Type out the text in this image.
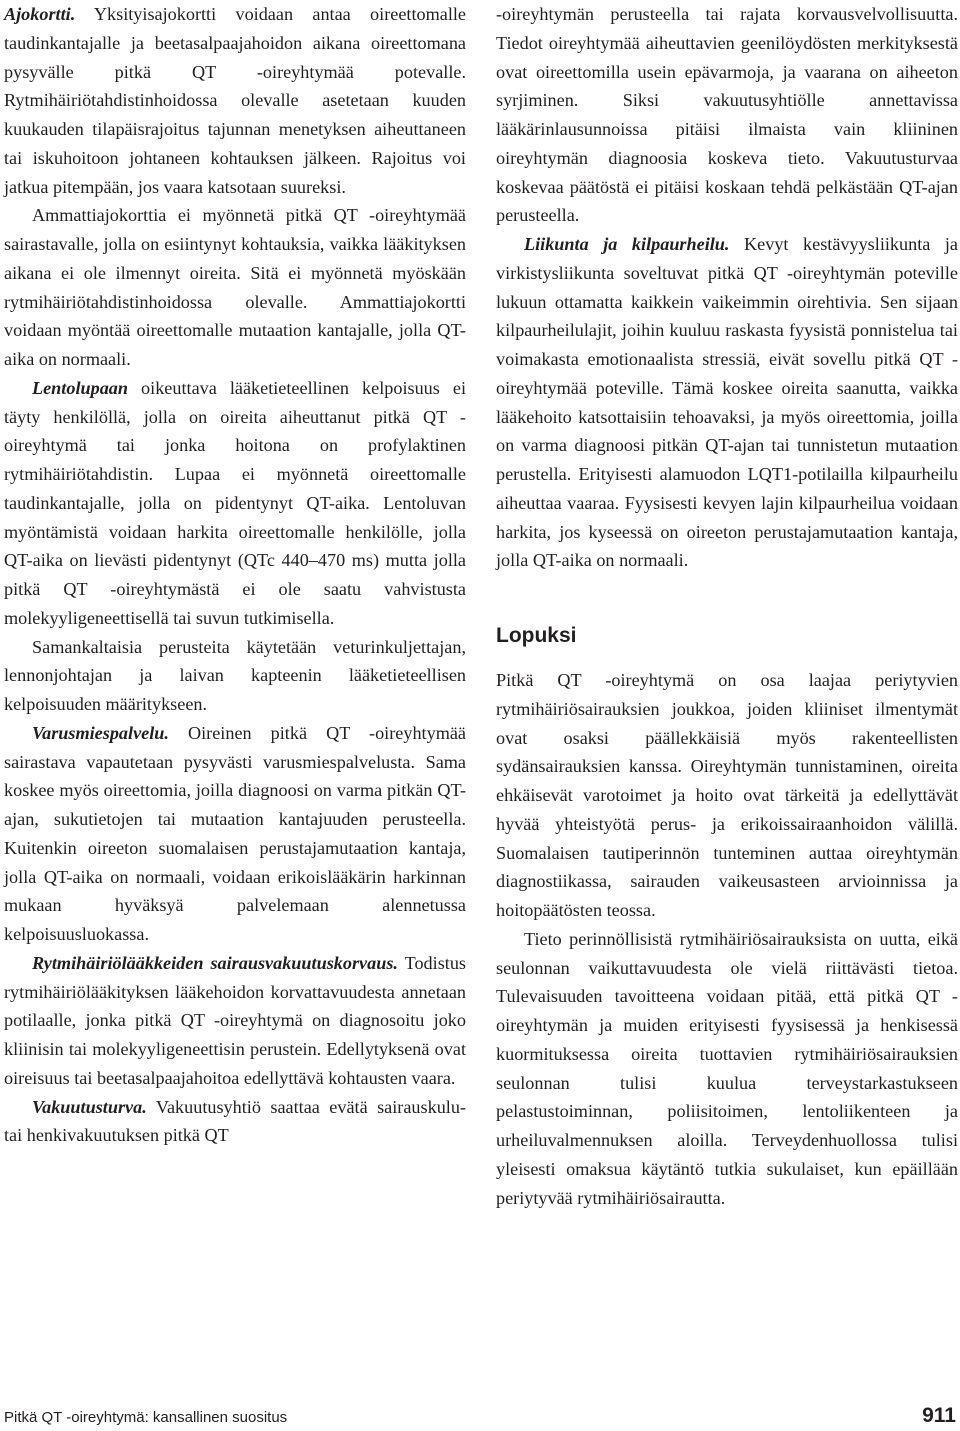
Ajokortti. Yksityisajokortti voidaan antaa oireettomalle taudinkantajalle ja beetasalpaajahoidon aikana oireettomana pysyvälle pitkä QT -oireyhtymää potevalle. Rytmihäiriötahdistinhoidossa olevalle asetetaan kuuden kuukauden tilapäisrajoitus tajunnan menetyksen aiheuttaneen tai iskuhoitoon johtaneen kohtauksen jälkeen. Rajoitus voi jatkua pitempään, jos vaara katsotaan suureksi.

Ammattiajokorttia ei myönnetä pitkä QT -oireyhtymää sairastavalle, jolla on esiintynyt kohtauksia, vaikka lääkityksen aikana ei ole ilmennyt oireita. Sitä ei myönnetä myöskään rytmihäiriötahdistinhoidossa olevalle. Ammattiajokortti voidaan myöntää oireettomalle mutaation kantajalle, jolla QT-aika on normaali.

Lentolupaan oikeuttava lääketieteellinen kelpoisuus ei täyty henkilöllä, jolla on oireita aiheuttanut pitkä QT -oireyhtymä tai jonka hoitona on profylaktinen rytmihäiriötahdistin. Lupaa ei myönnetä oireettomalle taudinkantajalle, jolla on pidentynyt QT-aika. Lentoluvan myöntämistä voidaan harkita oireettomalle henkilölle, jolla QT-aika on lievästi pidentynyt (QTc 440–470 ms) mutta jolla pitkä QT -oireyhtymästä ei ole saatu vahvistusta molekyyligeneettisellä tai suvun tutkimisella.

Samankaltaisia perusteita käytetään veturinkuljettajan, lennonjohtajan ja laivan kapteenin lääketieteellisen kelpoisuuden määritykseen.

Varusmiespalvelu. Oireinen pitkä QT -oireyhtymää sairastava vapautetaan pysyvästi varusmiespalvelusta. Sama koskee myös oireettomia, joilla diagnoosi on varma pitkän QT-ajan, sukutietojen tai mutaation kantajuuden perusteella. Kuitenkin oireeton suomalaisen perustajamutaation kantaja, jolla QT-aika on normaali, voidaan erikoislääkärin harkinnan mukaan hyväksyä palvelemaan alennetussa kelpoisuusluokassa.

Rytmihäiriölääkkeiden sairausvakuutuskorvaus. Todistus rytmihäiriölääkityksen lääkehoidon korvattavuudesta annetaan potilaalle, jonka pitkä QT -oireyhtymä on diagnosoitu joko kliinisin tai molekyyligeneettisin perustein. Edellytyksenä ovat oireisuus tai beetasalpaajahoitoa edellyttävä kohtausten vaara.

Vakuutusturva. Vakuutusyhtiö saattaa evätä sairauskulu- tai henkivakuutuksen pitkä QT

-oireyhtymän perusteella tai rajata korvausvelvollisuutta. Tiedot oireyhtymää aiheuttavien geenilöydösten merkityksestä ovat oireettomilla usein epävarmoja, ja vaarana on aiheeton syrjiminen. Siksi vakuutusyhtiölle annettavissa lääkärinlausunnoissa pitäisi ilmaista vain kliininen oireyhtymän diagnoosia koskeva tieto. Vakuutusturvaa koskevaa päätöstä ei pitäisi koskaan tehdä pelkästään QT-ajan perusteella.

Liikunta ja kilpaurheilu. Kevyt kestävyysliikunta ja virkistysliikunta soveltuvat pitkä QT -oireyhtymän poteville lukuun ottamatta kaikkein vaikeimmin oirehtivia. Sen sijaan kilpaurheilulajit, joihin kuuluu raskasta fyysistä ponnistelua tai voimakasta emotionaalista stressiä, eivät sovellu pitkä QT -oireyhtymää poteville. Tämä koskee oireita saanutta, vaikka lääkehoito katsottaisiin tehoavaksi, ja myös oireettomia, joilla on varma diagnoosi pitkän QT-ajan tai tunnistetun mutaation perustella. Erityisesti alamuodon LQT1-potilailla kilpaurheilu aiheuttaa vaaraa. Fyysisesti kevyen lajin kilpaurheilua voidaan harkita, jos kyseessä on oireeton perustajamutaation kantaja, jolla QT-aika on normaali.

Lopuksi

Pitkä QT -oireyhtymä on osa laajaa periytyvien rytmihäiriösairauksien joukkoa, joiden kliiniset ilmentymät ovat osaksi päällekkäisiä myös rakenteellisten sydänsairauksien kanssa. Oireyhtymän tunnistaminen, oireita ehkäisevät varotoimet ja hoito ovat tärkeitä ja edellyttävät hyvää yhteistyötä perus- ja erikoissairaanhoidon välillä. Suomalaisen tautiperinnön tunteminen auttaa oireyhtymän diagnostiikassa, sairauden vaikeusasteen arvioinnissa ja hoitopäätösten teossa.

Tieto perinnöllisistä rytmihäiriösairauksista on uutta, eikä seulonnan vaikuttavuudesta ole vielä riittävästi tietoa. Tulevaisuuden tavoitteena voidaan pitää, että pitkä QT -oireyhtymän ja muiden erityisesti fyysisessä ja henkisessä kuormituksessa oireita tuottavien rytmihäiriösairauksien seulonnan tulisi kuulua terveystarkastukseen pelastustoiminnan, poliisitoimen, lentoliikenteen ja urheiluvalmennuksen aloilla. Terveydenhuollossa tulisi yleisesti omaksua käytäntö tutkia sukulaiset, kun epäillään periytyvää rytmihäiriösairautta.

Pitkä QT -oireyhtymä: kansallinen suositus	911
